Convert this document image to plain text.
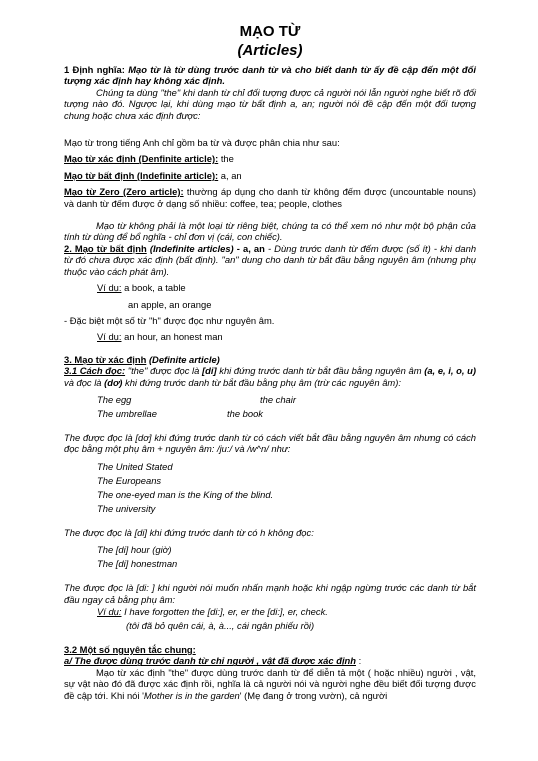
MẠO TỪ

(Articles)

1 Định nghĩa: Mạo từ là từ dùng trước danh từ và cho biết danh từ ấy đề cập đến một đối tượng xác định hay không xác định.

Chúng ta dùng "the" khi danh từ chỉ đối tượng được cả người nói lẫn người nghe biết rõ đối tượng nào đó. Ngược lại, khi dùng mạo từ bất định a, an; người nói đề cập đến một đối tượng chung hoặc chưa xác định được:

Mạo từ trong tiếng Anh chỉ gồm ba từ và được phân chia như sau:

Mạo từ xác định (Denfinite article): the

Mạo từ bất định (Indefinite article): a, an

Mạo từ Zero (Zero article): thường áp dụng cho danh từ không đếm được (uncountable nouns) và danh từ đếm được ở dạng số nhiều: coffee, tea; people, clothes

Mạo từ không phải là một loại từ riêng biệt, chúng ta có thể xem nó như một bộ phận của tính từ dùng để bổ nghĩa - chỉ đơn vị (cái, con chiếc).

2. Mạo từ bất định (Indefinite articles) - a, an - Dùng trước danh từ đếm được (số ít) - khi danh từ đó chưa được xác định (bất định). "an" dung cho danh từ bắt đầu bằng nguyên âm (nhưng phụ thuộc vào cách phát âm).

Ví dụ: a book, a table

an apple, an orange

- Đặc biệt một số từ "h" được đọc như nguyên âm.

Ví dụ: an hour, an honest man

3. Mạo từ xác định (Definite article)

3.1 Cách đọc: "the" được đọc là [di] khi đứng trước danh từ bắt đầu bằng nguyên âm (a, e, i, o, u) và đọc là (dơ) khi đứng trước danh từ bắt đầu bằng phụ âm (trừ các nguyên âm):

The egg	the chair
The umbrellae	the book

The được đọc là [dơ] khi đứng trước danh từ có cách viết bắt đầu bằng nguyên âm nhưng có cách đọc bằng một phụ âm + nguyên âm: /ju:/ và /w^n/ như:

The United Stated

The Europeans

The one-eyed man is the King of the blind.

The university

The được đọc là [di] khi đứng trước danh từ có h không đọc:

The [di] hour (giờ)

The [di] honestman

The được đọc là [di: ] khi người nói muốn nhấn mạnh hoặc khi ngập ngừng trước các danh từ bắt đầu ngay cả bằng phụ âm:

Ví dụ: I have forgotten the [di:], er, er the [di:], er, check.

(tôi đã bỏ quên cái, à, à..., cái ngân phiếu rồi)

3.2 Một số nguyên tắc chung:

a/ The được dùng trước danh từ chỉ người , vật đã được xác định :

Mạo từ xác định "the" được dùng trước danh từ để diễn tả một ( hoặc nhiều) người , vật, sự vật nào đó đã được xác định rồi, nghĩa là cả người nói và người nghe đều biết đối tượng được đề cập tới. Khi nói 'Mother is in the garden' (Mẹ đang ở trong vườn), cả người
